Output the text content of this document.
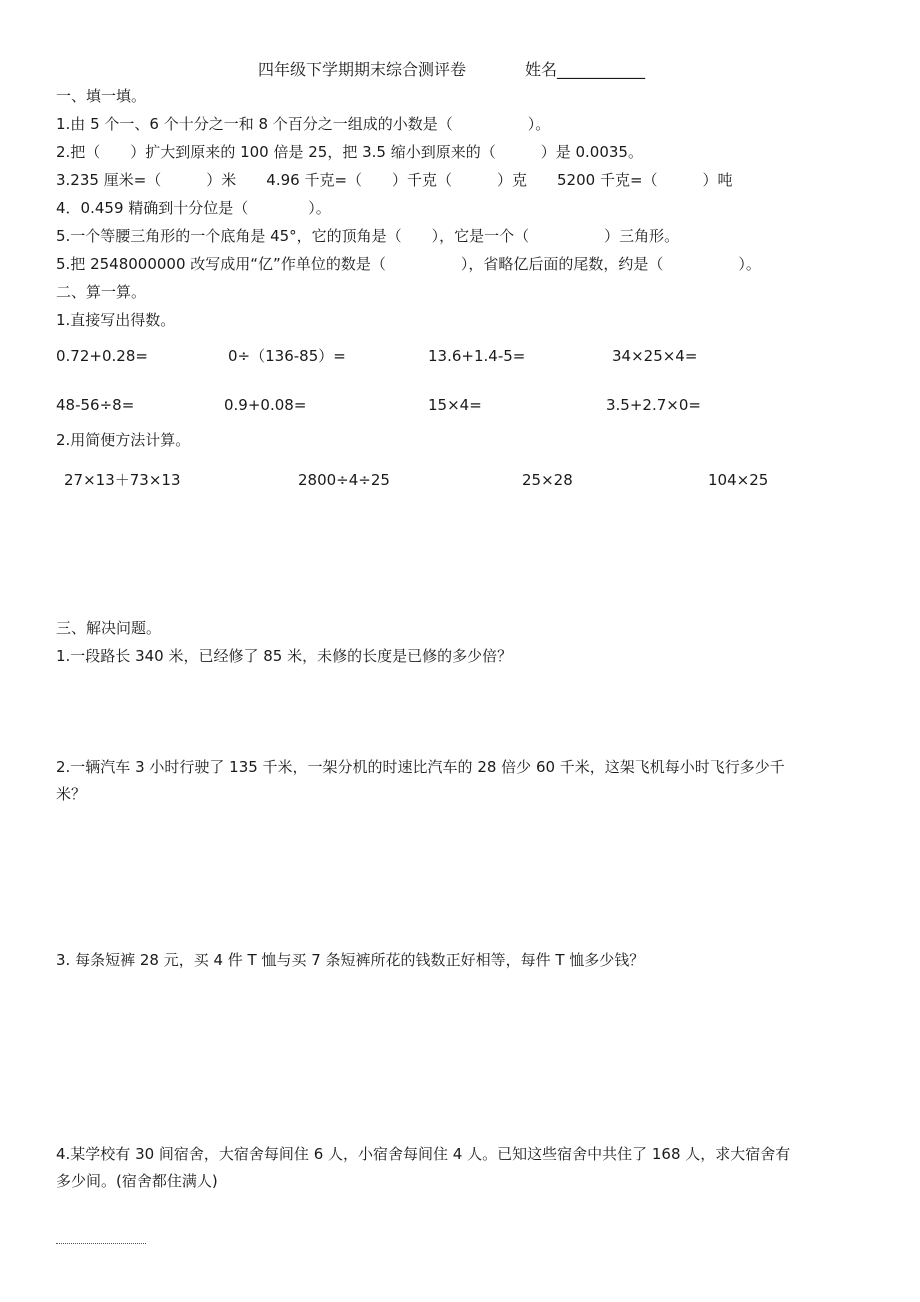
四年级下学期期末综合测评卷	姓名___________
一、填一填。
1.由 5 个一、6 个十分之一和 8 个百分之一组成的小数是（　　　　　）。
2.把（　　）扩大到原来的 100 倍是 25，把 3.5 缩小到原来的（　　　）是 0.0035。
3.235 厘米=（　　　）米　　4.96 千克=（　　）千克（　　　）克　　5200 千克=（　　　）吨
4．0.459 精确到十分位是（　　　　）。
5.一个等腰三角形的一个底角是 45°，它的顶角是（　　），它是一个（　　　　　）三角形。
5.把 2548000000 改写成用“亿”作单位的数是（　　　　　），省略亿后面的尾数，约是（　　　　　）。
二、算一算。
1.直接写出得数。
0.72+0.28=	0÷（136-85）=	13.6+1.4-5=	34×25×4=
48-56÷8=	0.9+0.08=	15×4=	3.5+2.7×0=
2.用简便方法计算。
27×13＋73×13	2800÷4÷25	25×28	104×25
三、解决问题。
1.一段路长 340 米，已经修了 85 米，未修的长度是已修的多少倍？
2.一辆汽车 3 小时行驶了 135 千米，一架分机的时速比汽车的 28 倍少 60 千米，这架飞机每小时飞行多少千
米？
3. 每条短裤 28 元，买 4 件 T 恤与买 7 条短裤所花的钱数正好相等，每件 T 恤多少钱？
4.某学校有 30 间宿舍，大宿舍每间住 6 人，小宿舍每间住 4 人。已知这些宿舍中共住了 168 人，求大宿舍有
多少间。(宿舍都住满人)
